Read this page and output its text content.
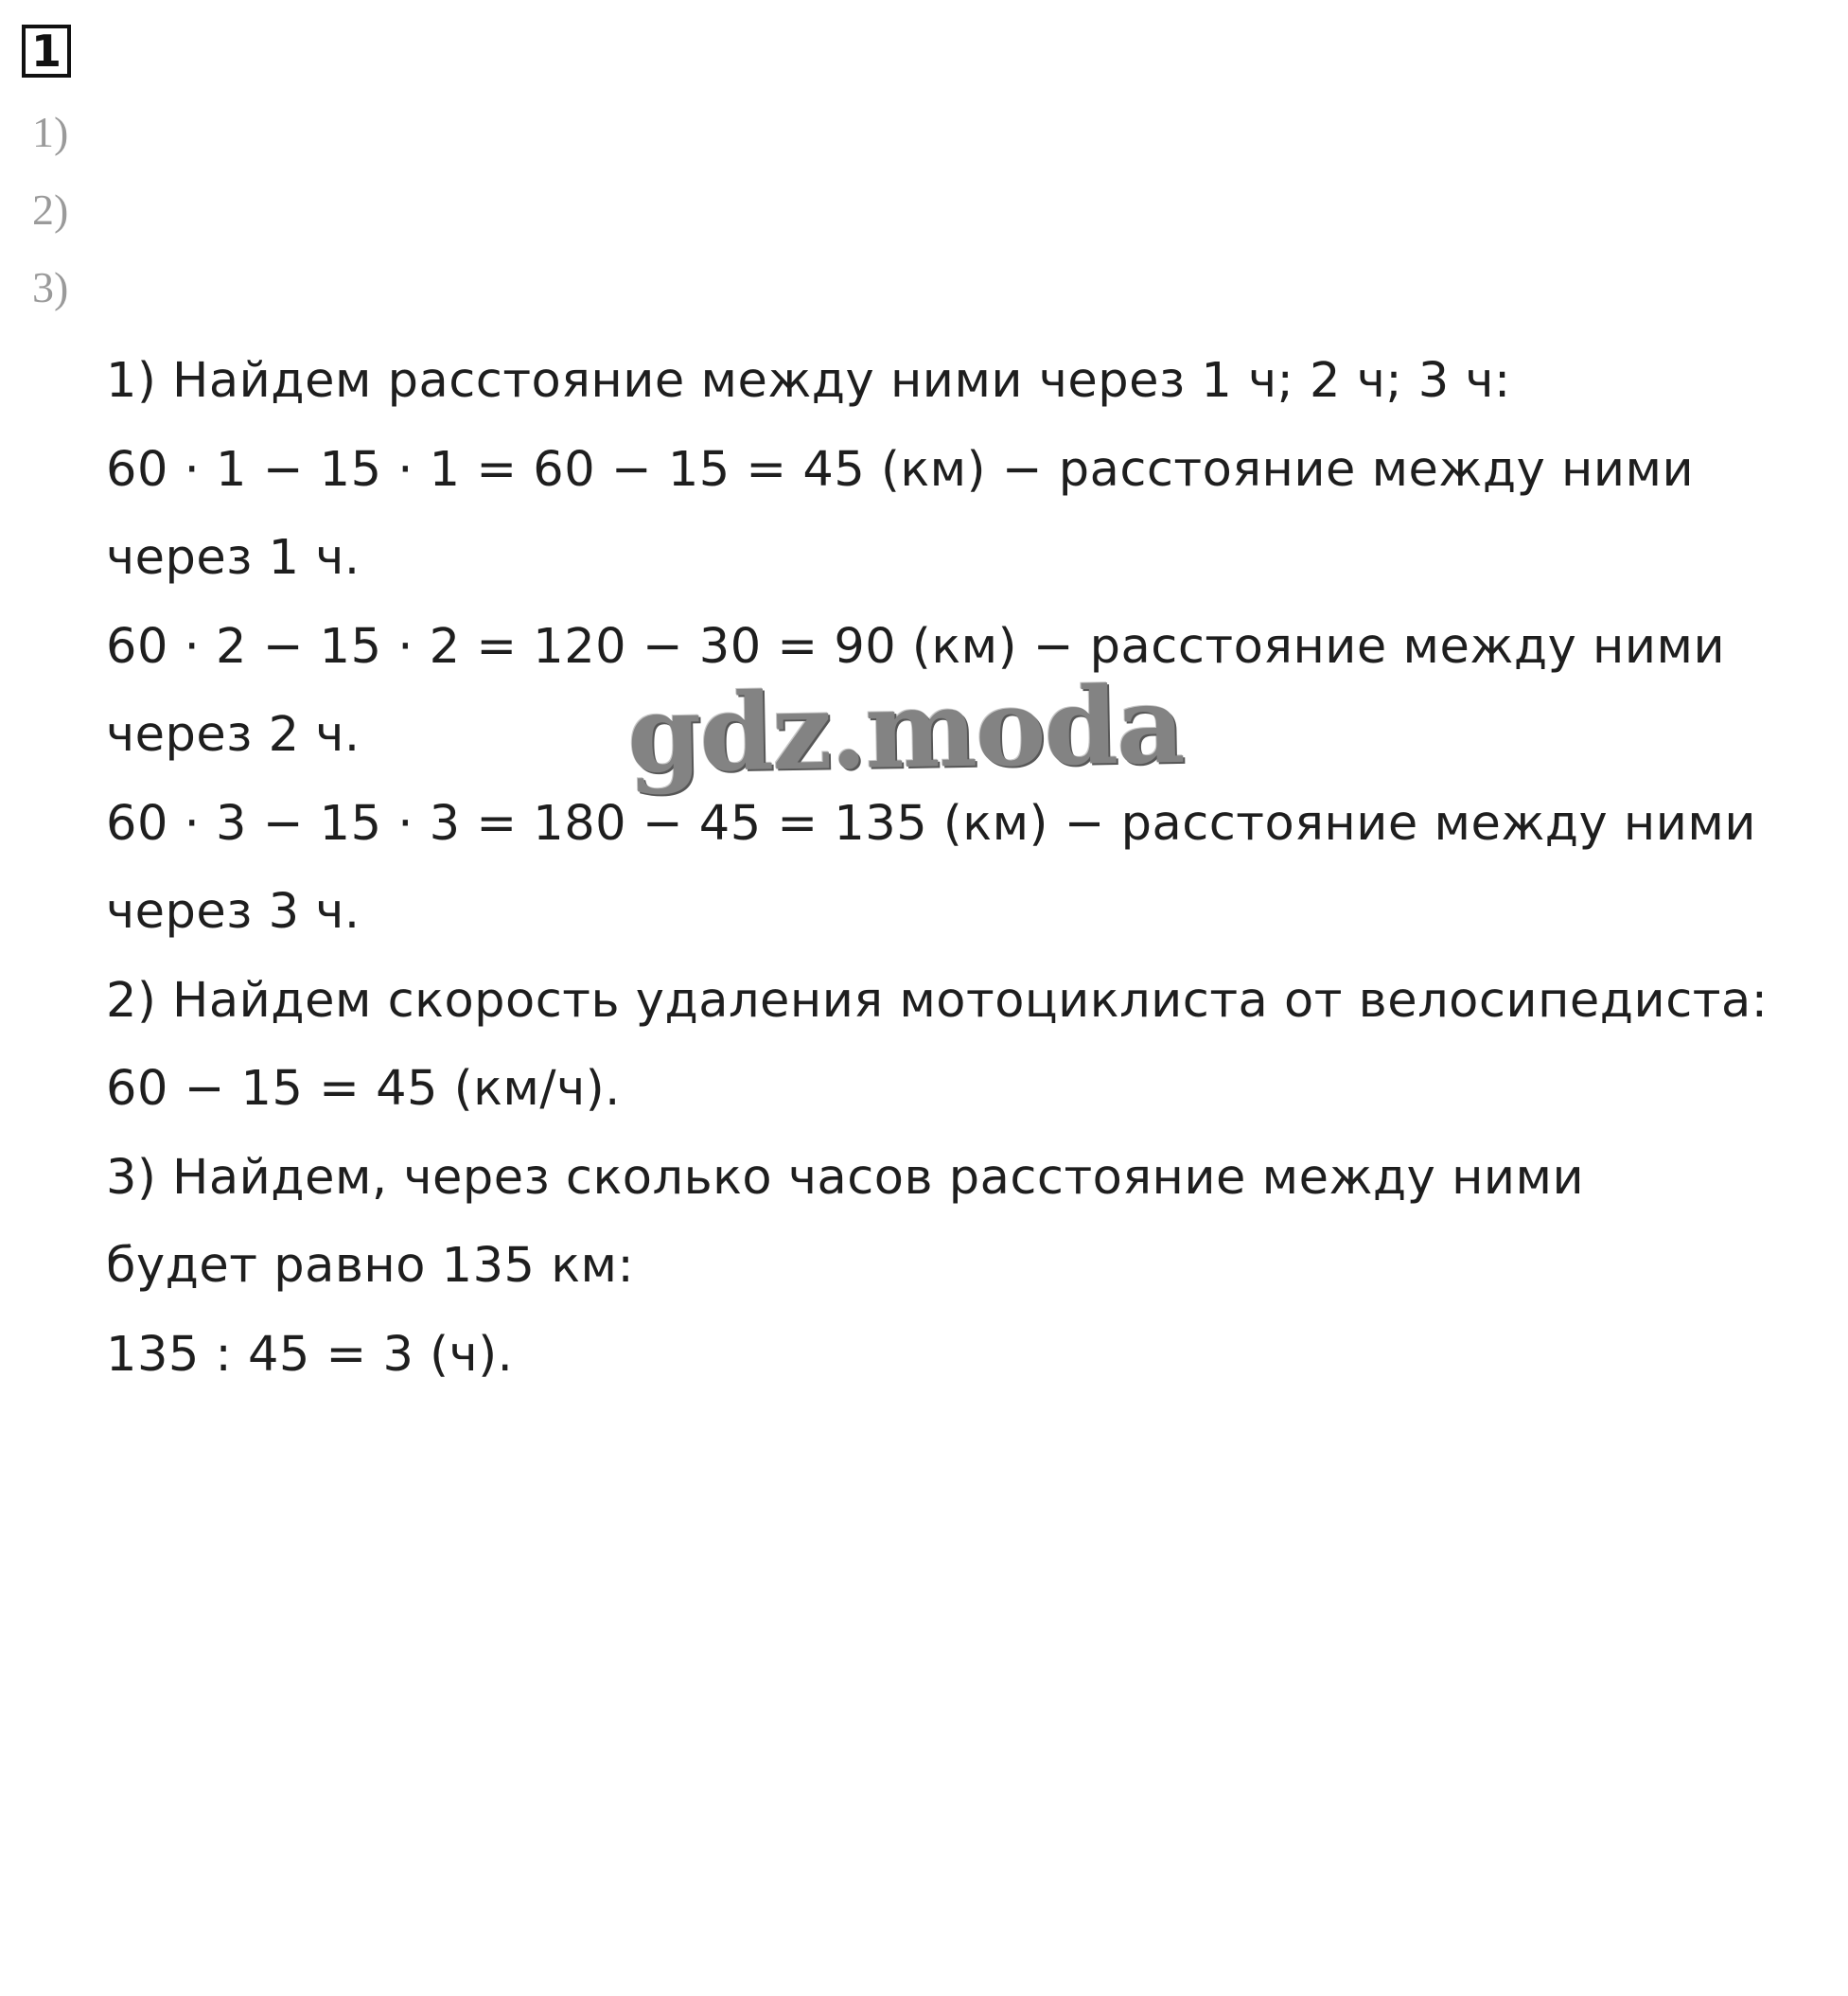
1
1)
2)
3)
1) Найдем расстояние между ними через 1 ч; 2 ч; 3 ч:
60 · 1 − 15 · 1 = 60 − 15 = 45 (км) − расстояние между ними
через 1 ч.
60 · 2 − 15 · 2 = 120 − 30 = 90 (км) − расстояние между ними
через 2 ч.
60 · 3 − 15 · 3 = 180 − 45 = 135 (км) − расстояние между ними
через 3 ч.
2) Найдем скорость удаления мотоциклиста от велосипедиста:
60 − 15 = 45 (км/ч).
3) Найдем, через сколько часов расстояние между ними
будет равно 135 км:
135 : 45 = 3 (ч).
gdz.moda
